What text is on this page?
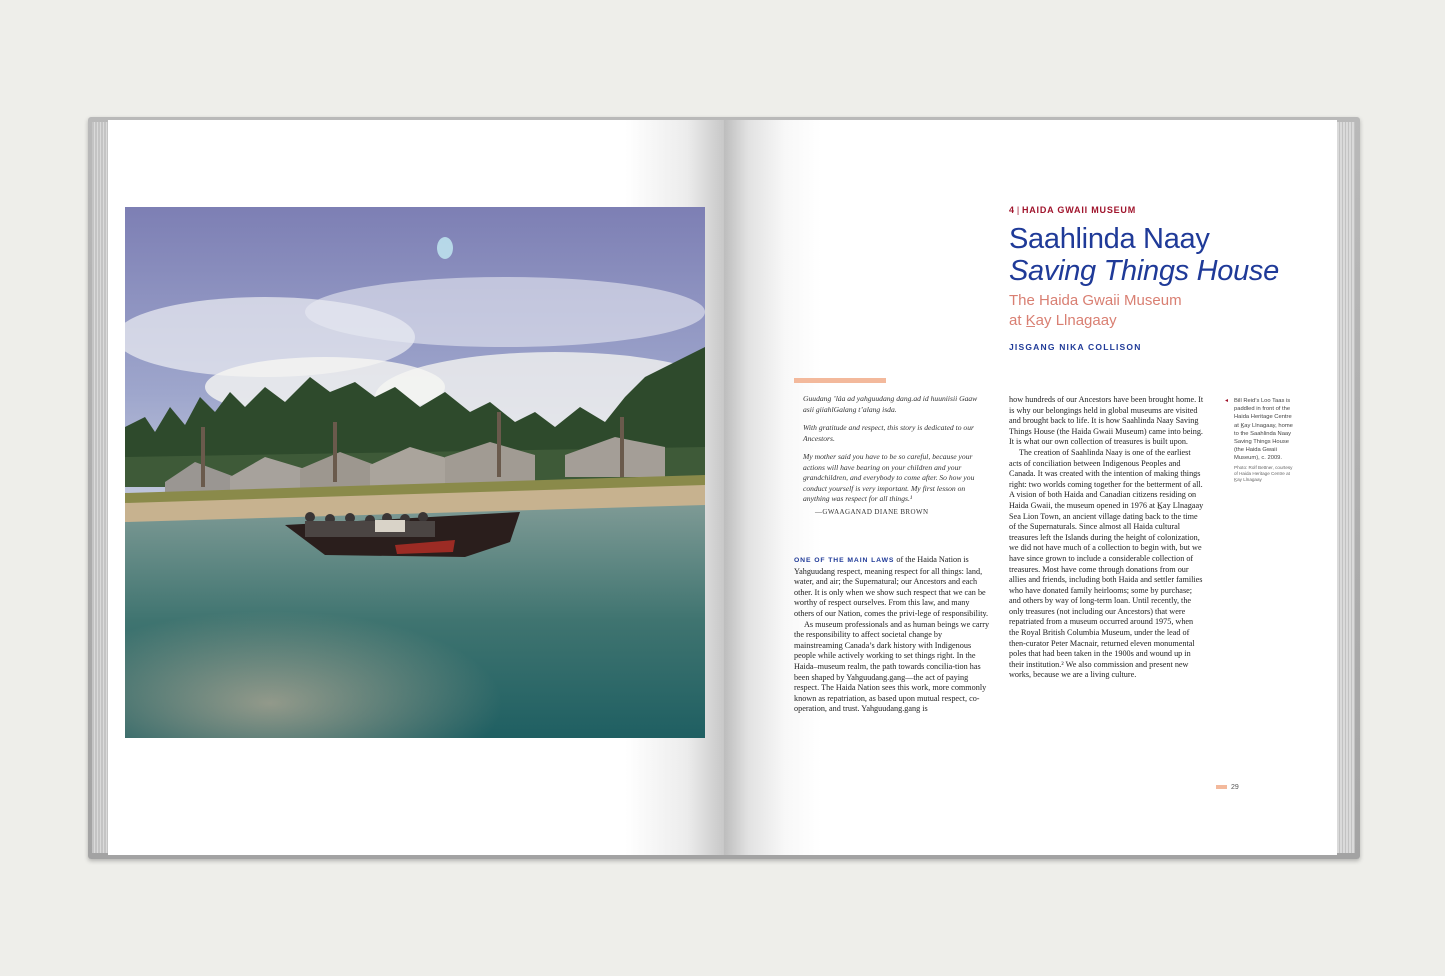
4 | HAIDA GWAII MUSEUM
Saahlinda Naay
Saving Things House
The Haida Gwaii Museum
at K̲ay Llnagaay
JISGANG NIKA COLLISON

Guudang ’láa ad yahguudang dang.ad id huuniisii Ǥaaw asii giiahlǤalang t’alang isda.

With gratitude and respect, this story is dedicated to our Ancestors.

My mother said you have to be so careful, because your actions will have bearing on your children and your grandchildren, and everybody to come after. So how you conduct yourself is very important. My first lesson on anything was respect for all things.¹

—GWAAGANAD DIANE BROWN

ONE OF THE MAIN LAWS of the Haida Nation is Yahguudang respect, meaning respect for all things: land, water, and air; the Supernatural; our Ancestors and each other. It is only when we show such respect that we can be worthy of respect ourselves. From this law, and many others of our Nation, comes the privi-lege of responsibility.

As museum professionals and as human beings we carry the responsibility to affect societal change by mainstreaming Canada’s dark history with Indigenous people while actively working to set things right. In the Haida–museum realm, the path towards concilia-tion has been shaped by Yahguudang.gang—the act of paying respect. The Haida Nation sees this work, more commonly known as repatriation, as based upon mutual respect, co-operation, and trust. Yahguudang.gang is

how hundreds of our Ancestors have been brought home. It is why our belongings held in global museums are visited and brought back to life. It is how Saahlinda Naay Saving Things House (the Haida Gwaii Museum) came into being. It is what our own collection of treasures is built upon.

The creation of Saahlinda Naay is one of the earliest acts of conciliation between Indigenous Peoples and Canada. It was created with the intention of making things right: two worlds coming together for the betterment of all. A vision of both Haida and Canadian citizens residing on Haida Gwaii, the museum opened in 1976 at K̲ay Llnagaay Sea Lion Town, an ancient village dating back to the time of the Supernaturals. Since almost all Haida cultural treasures left the Islands during the height of colonization, we did not have much of a collection to begin with, but we have since grown to include a considerable collection of treasures. Most have come through donations from our allies and friends, including both Haida and settler families who have donated family heirlooms; some by purchase; and others by way of long-term loan. Until recently, the only treasures (not including our Ancestors) that were repatriated from a museum occurred around 1975, when the Royal British Columbia Museum, under the lead of then-curator Peter Macnair, returned eleven monumental poles that had been taken in the 1900s and wound up in their institution.² We also commission and present new works, because we are a living culture.

◂ Bill Reid’s Loo Taas is paddled in front of the Haida Heritage Centre at K̲ay Llnagaay, home to the Saahlinda Naay Saving Things House (the Haida Gwaii Museum), c. 2009.
Photo: Rolf Bettner, courtesy of Haida Heritage Centre at K̲ay Llnagaay
29
